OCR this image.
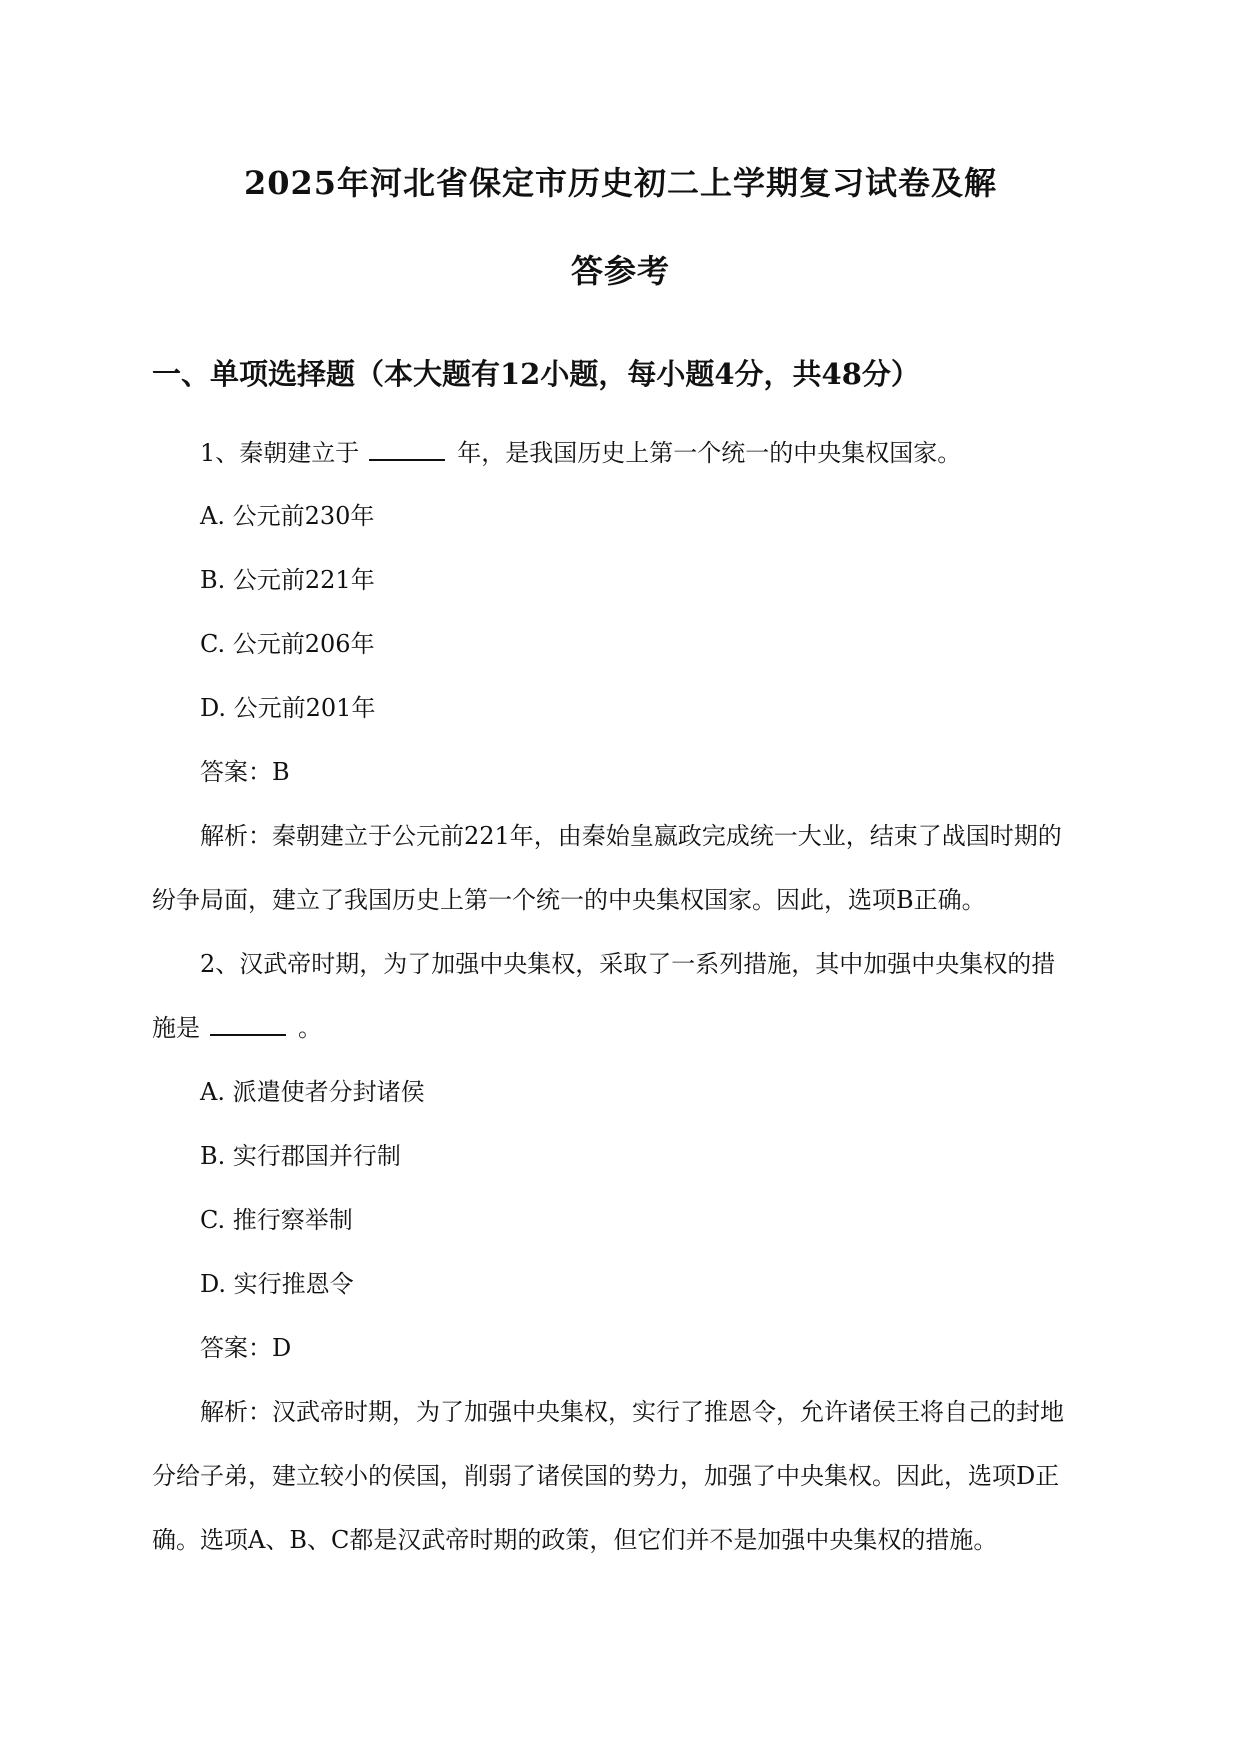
2025年河北省保定市历史初二上学期复习试卷及解
答参考
一、单项选择题（本大题有12小题，每小题4分，共48分）
1、秦朝建立于	年，是我国历史上第一个统一的中央集权国家。
A. 公元前230年
B. 公元前221年
C. 公元前206年
D. 公元前201年
答案：B
解析：秦朝建立于公元前221年，由秦始皇嬴政完成统一大业，结束了战国时期的
纷争局面，建立了我国历史上第一个统一的中央集权国家。因此，选项B正确。
2、汉武帝时期，为了加强中央集权，采取了一系列措施，其中加强中央集权的措
施是	。
A. 派遣使者分封诸侯
B. 实行郡国并行制
C. 推行察举制
D. 实行推恩令
答案：D
解析：汉武帝时期，为了加强中央集权，实行了推恩令，允许诸侯王将自己的封地
分给子弟，建立较小的侯国，削弱了诸侯国的势力，加强了中央集权。因此，选项D正
确。选项A、B、C都是汉武帝时期的政策，但它们并不是加强中央集权的措施。
